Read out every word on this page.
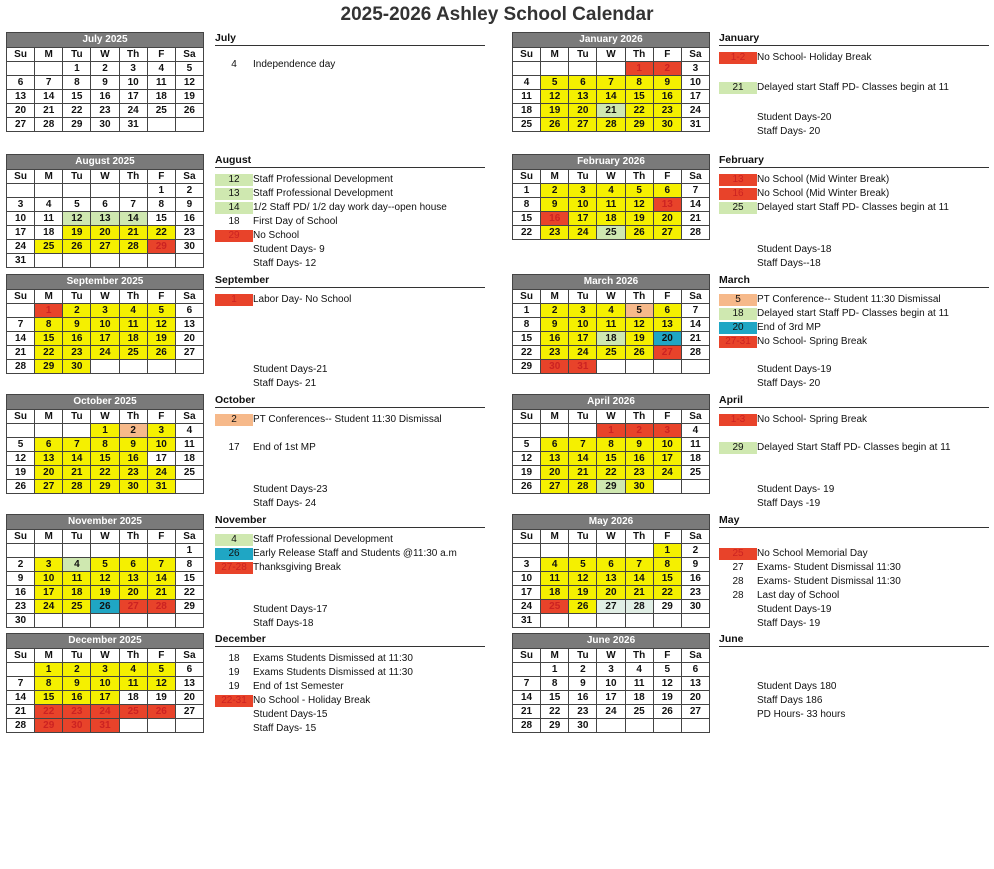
2025-2026 Ashley School Calendar
July 2025						
Su	M	Tu	W	Th	F	Sa
		1	2	3	4	5
6	7	8	9	10	11	12
13	14	15	16	17	18	19
20	21	22	23	24	25	26
27	28	29	30	31		
August 2025						
Su	M	Tu	W	Th	F	Sa
					1	2
3	4	5	6	7	8	9
10	11	12	13	14	15	16
17	18	19	20	21	22	23
24	25	26	27	28	29	30
31						
September 2025						
Su	M	Tu	W	Th	F	Sa
	1	2	3	4	5	6
7	8	9	10	11	12	13
14	15	16	17	18	19	20
21	22	23	24	25	26	27
28	29	30				
October 2025						
Su	M	Tu	W	Th	F	Sa
			1	2	3	4
5	6	7	8	9	10	11
12	13	14	15	16	17	18
19	20	21	22	23	24	25
26	27	28	29	30	31	
November 2025						
Su	M	Tu	W	Th	F	Sa
						1
2	3	4	5	6	7	8
9	10	11	12	13	14	15
16	17	18	19	20	21	22
23	24	25	26	27	28	29
30						
December 2025						
Su	M	Tu	W	Th	F	Sa
	1	2	3	4	5	6
7	8	9	10	11	12	13
14	15	16	17	18	19	20
21	22	23	24	25	26	27
28	29	30	31			
January 2026						
Su	M	Tu	W	Th	F	Sa
				1	2	3
4	5	6	7	8	9	10
11	12	13	14	15	16	17
18	19	20	21	22	23	24
25	26	27	28	29	30	31
February 2026						
Su	M	Tu	W	Th	F	Sa
1	2	3	4	5	6	7
8	9	10	11	12	13	14
15	16	17	18	19	20	21
22	23	24	25	26	27	28
March 2026						
Su	M	Tu	W	Th	F	Sa
1	2	3	4	5	6	7
8	9	10	11	12	13	14
15	16	17	18	19	20	21
22	23	24	25	26	27	28
29	30	31				
April 2026						
Su	M	Tu	W	Th	F	Sa
			1	2	3	4
5	6	7	8	9	10	11
12	13	14	15	16	17	18
19	20	21	22	23	24	25
26	27	28	29	30		
May 2026						
Su	M	Tu	W	Th	F	Sa
					1	2
3	4	5	6	7	8	9
10	11	12	13	14	15	16
17	18	19	20	21	22	23
24	25	26	27	28	29	30
31						
June 2026						
Su	M	Tu	W	Th	F	Sa
	1	2	3	4	5	6
7	8	9	10	11	12	13
14	15	16	17	18	19	20
21	22	23	24	25	26	27
28	29	30				
July
4	Independence day
August
12	Staff Professional Development
13	Staff Professional Development
14	1/2 Staff PD/ 1/2 day work day--open house
18	First Day of School
29	No School
Student Days- 9
Staff Days- 12
September
1	Labor Day- No School
Student Days-21
Staff Days- 21
October
2	PT Conferences-- Student 11:30 Dismissal
17	End of 1st MP
Student Days-23
Staff Days- 24
November
4	Staff Professional Development
26	Early Release Staff and Students @11:30 a.m
27-28 Thanksgiving Break
Student Days-17
Staff Days-18
December
18	Exams Students Dismissed at 11:30
19	Exams Students Dismissed at 11:30
19	End of 1st Semester
22-31 No School - Holiday Break
Student Days-15
Staff Days- 15
January
1-2	No School- Holiday Break
21	Delayed start Staff PD- Classes begin at 11
Student Days-20
Staff Days- 20
February
13	No School (Mid Winter Break)
16	No School (Mid Winter Break)
25	Delayed start Staff PD- Classes begin at 11
Student Days-18
Staff Days--18
March
5	PT Conference-- Student 11:30 Dismissal
18	Delayed start Staff PD- Classes begin at 11
20	End of 3rd MP
27-31 No School- Spring Break
Student Days-19
Staff Days- 20
April
1-3	No School- Spring Break
29	Delayed Start Staff PD- Classes begin at 11
Student Days- 19
Staff Days -19
May
25	No School Memorial Day
27	Exams- Student Dismissal 11:30
28	Exams- Student Dismissal 11:30
28	Last day of School
Student Days-19
Staff Days- 19
June
Student Days 180
Staff Days 186
PD Hours- 33 hours
